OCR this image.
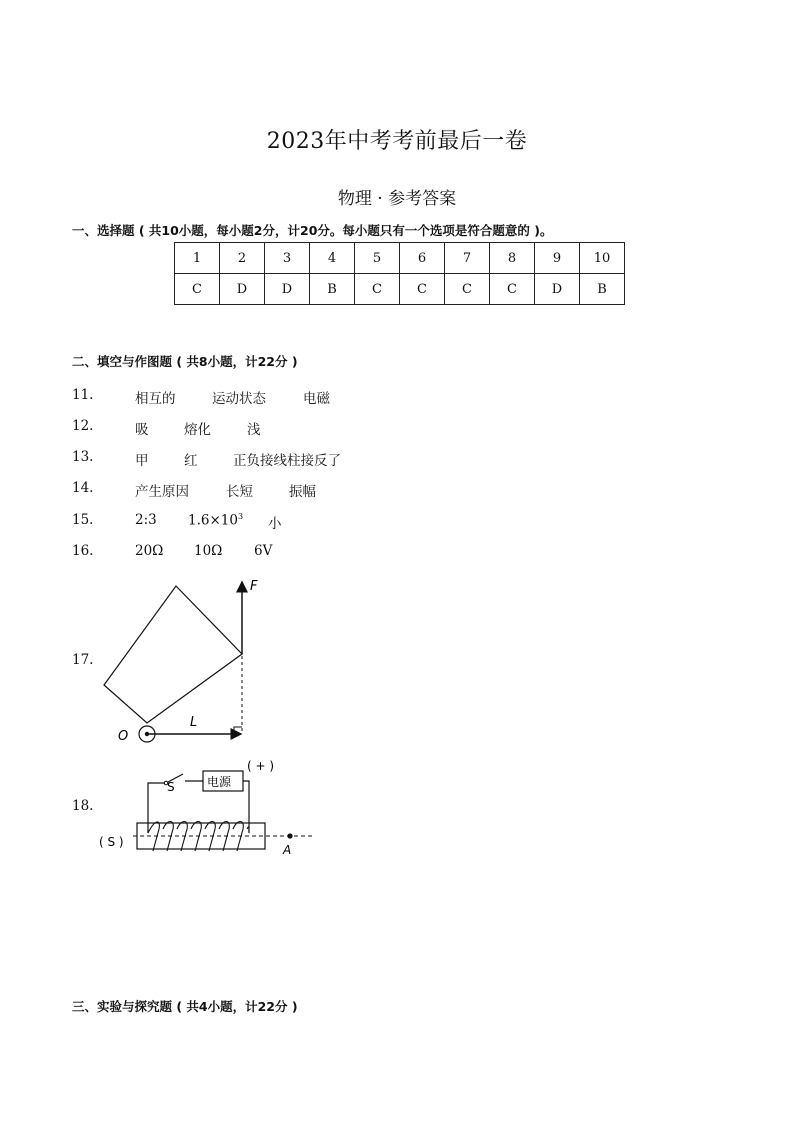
2023年中考考前最后一卷
物理 · 参考答案
一、选择题 ( 共10小题，每小题2分，计20分。每小题只有一个选项是符合题意的 )。
1	2	3	4	5	6	7	8	9	10
C	D	D	B	C	C	C	C	D	B
二、填空与作图题 ( 共8小题，计22分 )
11.	相互的	运动状态	电磁
12.	吸	熔化	浅
13.	甲	红	正负接线柱接反了
14.	产生原因	长短	振幅
15.	2:3 $1.6\times 10^3$ 小
16.	20Ω 10Ω 6V
17.
F
L
O
18.
电源
S
( + )
( S )
A
三、实验与探究题 ( 共4小题，计22分 )
